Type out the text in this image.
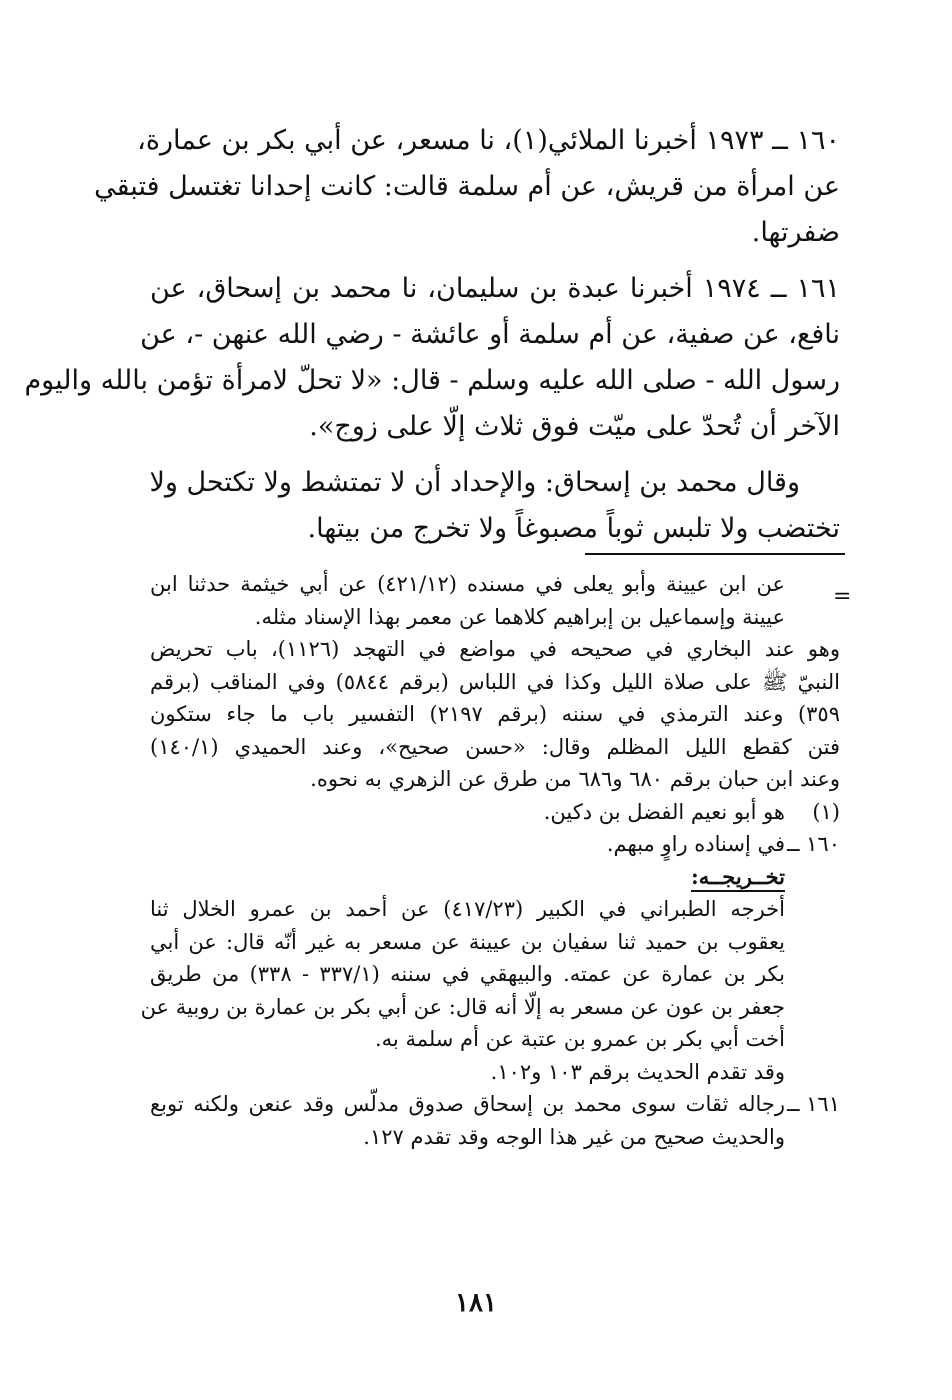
١٦٠ ــ ١٩٧٣ أخبرنا الملائي(١)، نا مسعر، عن أبي بكر بن عمارة،
عن امرأة من قريش، عن أم سلمة قالت: كانت إحدانا تغتسل فتبقي
ضفرتها.
١٦١ ــ ١٩٧٤ أخبرنا عبدة بن سليمان، نا محمد بن إسحاق، عن
نافع، عن صفية، عن أم سلمة أو عائشة - رضي الله عنهن -، عن
رسول الله - صلى الله عليه وسلم - قال: «لا تحلّ لامرأة تؤمن بالله واليوم
الآخر أن تُحدّ على ميّت فوق ثلاث إلّا على زوج».
وقال محمد بن إسحاق: والإحداد أن لا تمتشط ولا تكتحل ولا
تختضب ولا تلبس ثوباً مصبوغاً ولا تخرج من بيتها.
=
عن ابن عيينة وأبو يعلى في مسنده (٤٢١/١٢) عن أبي خيثمة حدثنا ابن
عيينة وإسماعيل بن إبراهيم كلاهما عن معمر بهذا الإسناد مثله.
وهو عند البخاري في صحيحه في مواضع في التهجد (١١٢٦)، باب تحريض
النبيّ ﷺ على صلاة الليل وكذا في اللباس (برقم ٥٨٤٤) وفي المناقب (برقم
٣٥٩) وعند الترمذي في سننه (برقم ٢١٩٧) التفسير باب ما جاء ستكون
فتن كقطع الليل المظلم وقال: «حسن صحيح»، وعند الحميدي (١٤٠/١)
وعند ابن حبان برقم ٦٨٠ و٦٨٦ من طرق عن الزهري به نحوه.
(١)
هو أبو نعيم الفضل بن دكين.
١٦٠ ــ
في إسناده راوٍ مبهم.
تخــريجــه:
أخرجه الطبراني في الكبير (٤١٧/٢٣) عن أحمد بن عمرو الخلال ثنا
يعقوب بن حميد ثنا سفيان بن عيينة عن مسعر به غير أنّه قال: عن أبي
بكر بن عمارة عن عمته. والبيهقي في سننه (٣٣٧/١ - ٣٣٨) من طريق
جعفر بن عون عن مسعر به إلّا أنه قال: عن أبي بكر بن عمارة بن روبية عن
أخت أبي بكر بن عمرو بن عتبة عن أم سلمة به.
وقد تقدم الحديث برقم ١٠٣ و١٠٢.
١٦١ ــ
رجاله ثقات سوى محمد بن إسحاق صدوق مدلّس وقد عنعن ولكنه توبع
والحديث صحيح من غير هذا الوجه وقد تقدم ١٢٧.
١٨١
